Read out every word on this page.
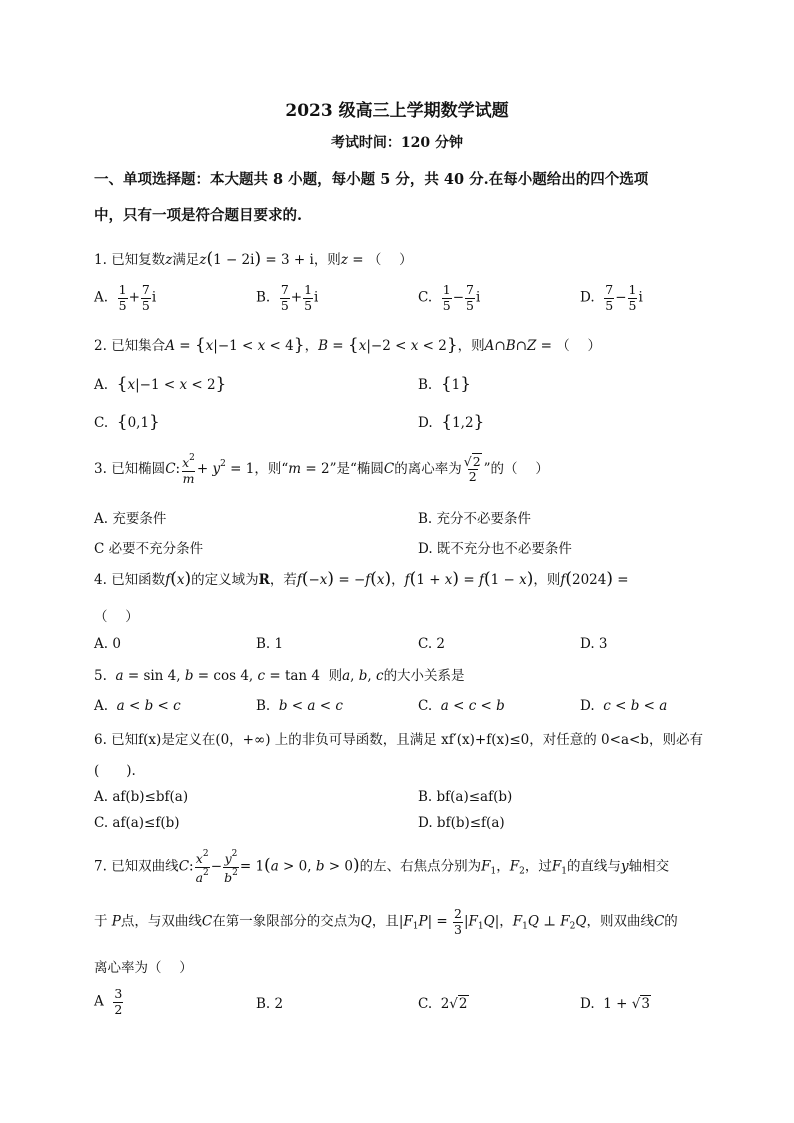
2023 级高三上学期数学试题
考试时间：120 分钟
一、单项选择题：本大题共 8 小题，每小题 5 分，共 40 分.在每小题给出的四个选项
中，只有一项是符合题目要求的.
1. 已知复数z满足z(1 − 2i) = 3 + i，则z = （　 ）
A. $\frac{1}{5} + \frac{7}{5}$ i	B. $\frac{7}{5} + \frac{1}{5}$ i	C. $\frac{1}{5} - \frac{7}{5}$ i	D. $\frac{7}{5} - \frac{1}{5}$ i
2. 已知集合A = {x|−1 < x < 4}，B = {x|−2 < x < 2}，则A∩B∩Z = （　 ）
A. {x|−1 < x < 2}	B. {1}
C. {0,1}	D. {1,2}
3. 已知椭圆C: $\frac{x^2}{m} + y^2 = 1$，则“m = 2”是“椭圆C的离心率为 $\frac{√2}{2}$ ”的（　 ）
A. 充要条件	B. 充分不必要条件
C 必要不充分条件	D. 既不充分也不必要条件
4. 已知函数f(x)的定义域为R，若f(−x) = −f(x)，f(1 + x) = f(1 − x)，则f(2024) =
（　 ）
A. 0	B. 1	C. 2	D. 3
5. a = sin 4, b = cos 4, c = tan 4  则a, b, c的大小关系是
A. a < b < c	B. b < a < c	C. a < c < b	D. c < b < a
6. 已知f(x)是定义在(0，+∞) 上的非负可导函数，且满足 xf′(x)+f(x)≤0，对任意的 0<a<b，则必有
(　　).
A. af(b)≤bf(a)	B. bf(a)≤af(b)
C. af(a)≤f(b)	D. bf(b)≤f(a)
7. 已知双曲线C: $\frac{x^2}{a^2} - \frac{y^2}{b^2} = 1(a > 0$, b > 0)的左、右焦点分别为$F_1$，$F_2$，过$F_1$的直线与y轴相交
于 P点，与双曲线C在第一象限部分的交点为Q，且$|F_1P| = \frac{2}{3} |F_1Q|$，$F_1Q$ ⊥ $F_2Q$，则双曲线C的
离心率为（　 ）
A $\frac{3}{2}$	B. 2	C.  2√2	D.  1 + √3
